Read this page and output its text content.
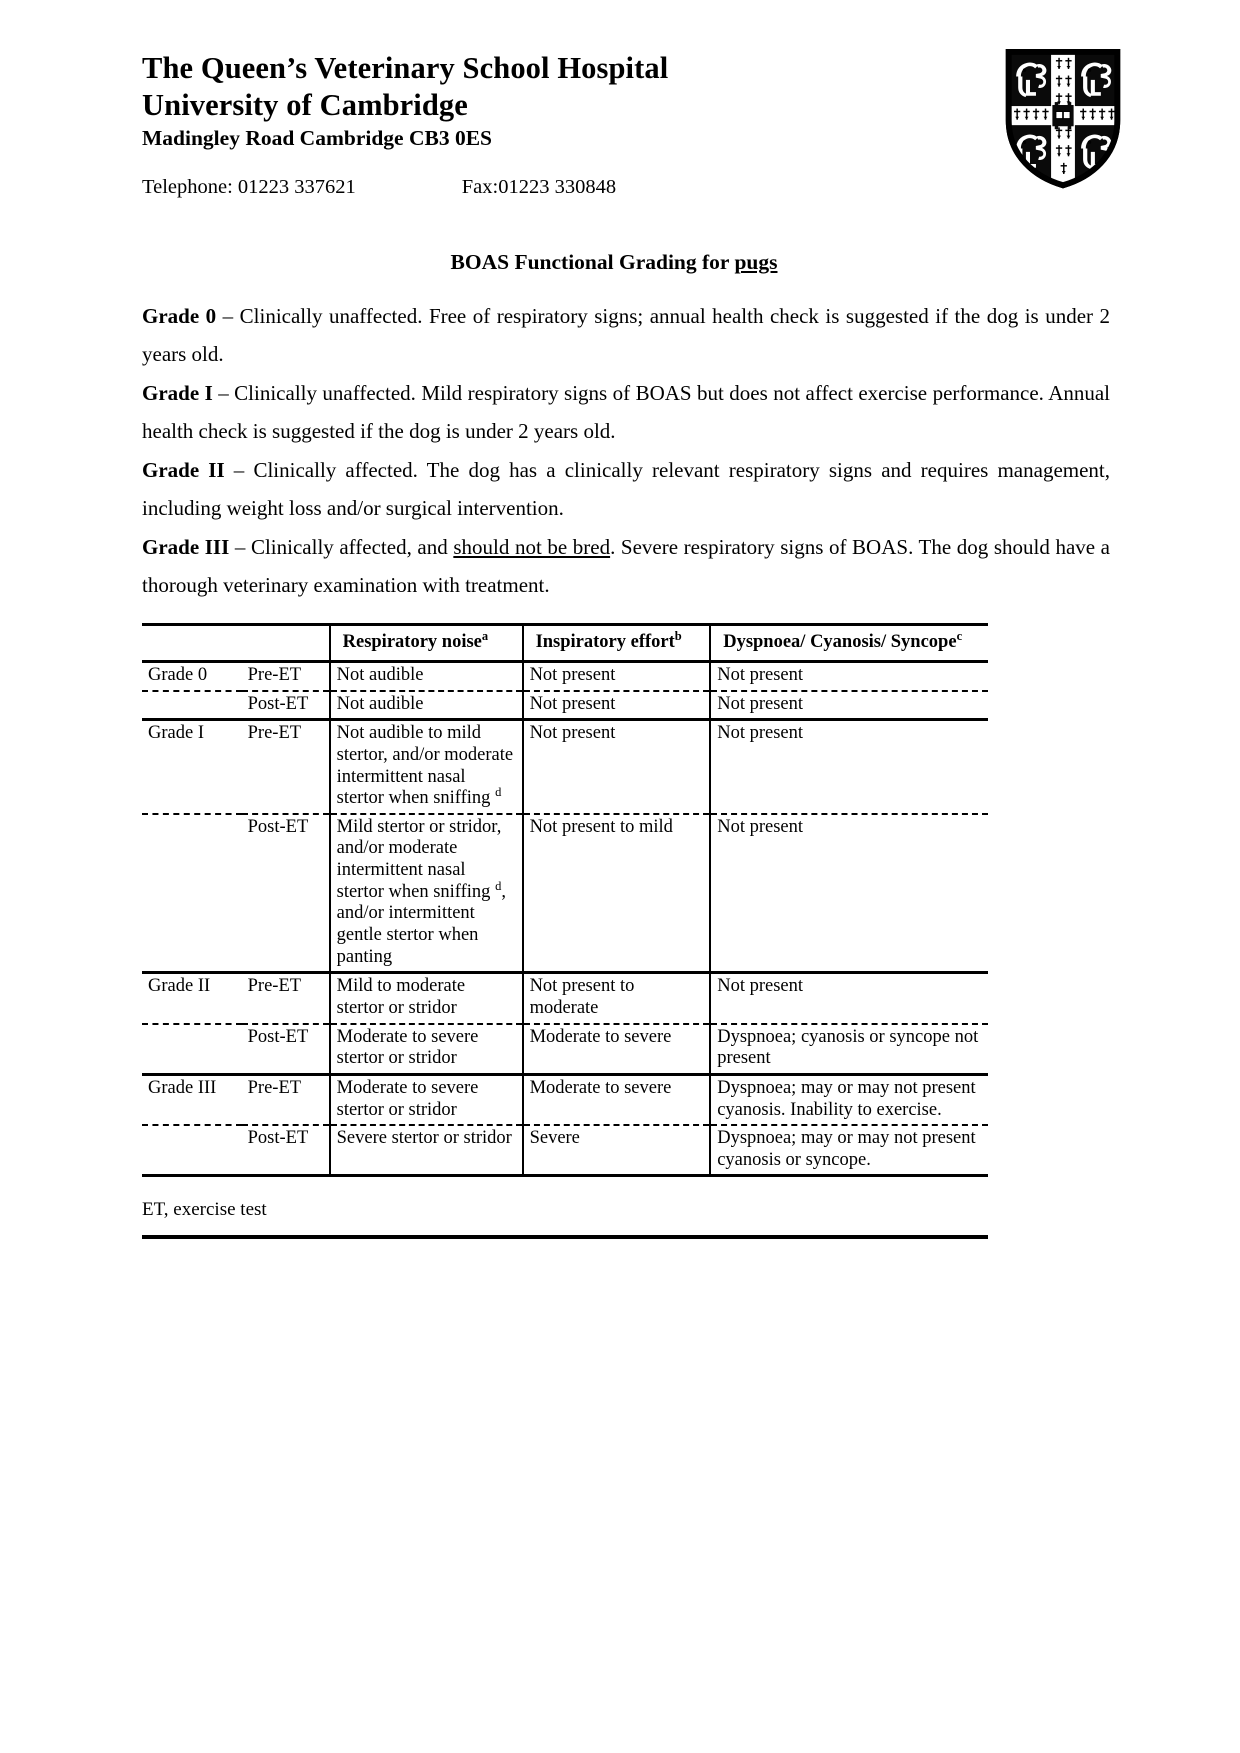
The Queen’s Veterinary School Hospital
University of Cambridge
Madingley Road Cambridge CB3 0ES
Telephone: 01223 337621	Fax:01223 330848
BOAS Functional Grading for pugs

Grade 0 – Clinically unaffected. Free of respiratory signs; annual health check is suggested if the dog is under 2 years old.

Grade I – Clinically unaffected. Mild respiratory signs of BOAS but does not affect exercise performance. Annual health check is suggested if the dog is under 2 years old.

Grade II – Clinically affected. The dog has a clinically relevant respiratory signs and requires management, including weight loss and/or surgical intervention.

Grade III – Clinically affected, and should not be bred. Severe respiratory signs of BOAS. The dog should have a thorough veterinary examination with treatment.

		Respiratory noise$^a$	Inspiratory effort$^b$	Dyspnoea/ Cyanosis/ Syncope$^c$
Grade 0	Pre-ET	Not audible	Not present	Not present
	Post-ET	Not audible	Not present	Not present
Grade I	Pre-ET	Not audible to mild stertor, and/or moderate intermittent nasal stertor when sniffing $^d$	Not present	Not present
	Post-ET	Mild stertor or stridor, and/or moderate intermittent nasal stertor when sniffing $^d$, and/or intermittent gentle stertor when panting	Not present to mild	Not present
Grade II	Pre-ET	Mild to moderate stertor or stridor	Not present to moderate	Not present
	Post-ET	Moderate to severe stertor or stridor	Moderate to severe	Dyspnoea; cyanosis or syncope not present
Grade III	Pre-ET	Moderate to severe stertor or stridor	Moderate to severe	Dyspnoea; may or may not present cyanosis. Inability to exercise.
	Post-ET	Severe stertor or stridor	Severe	Dyspnoea; may or may not present cyanosis or syncope.
ET, exercise test
